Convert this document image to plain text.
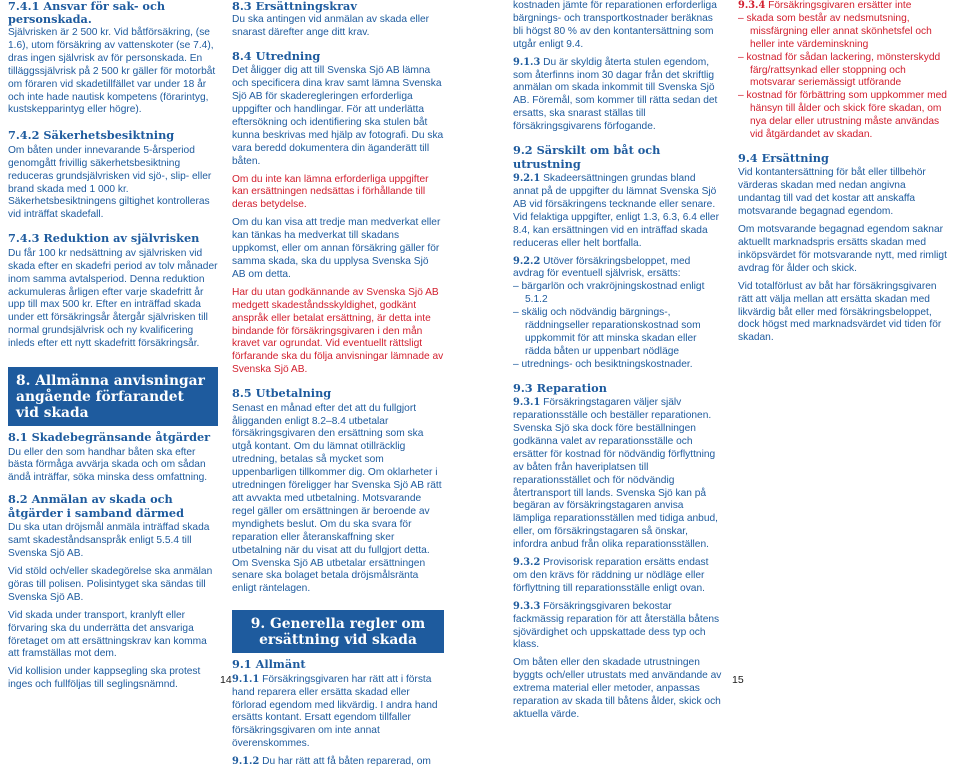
7.4.1 Ansvar för sak- och personskada.

Självrisken är 2 500 kr. Vid båtförsäkring, (se 1.6), utom försäkring av vattenskoter (se 7.4), dras ingen självrisk av för personskada. En tilläggssjälvrisk på 2 500 kr gäller för motorbåt om föraren vid skadetillfället var under 18 år och inte hade nautisk kompetens (förarintyg, kustskepparintyg eller högre).

7.4.2 Säkerhetsbesiktning

Om båten under innevarande 5-årsperiod genomgått frivillig säkerhetsbesiktning reduceras grundsjälvrisken vid sjö-, slip- eller brand skada med 1 000 kr. Säkerhetsbesiktningens giltighet kontrolleras vid inträffat skadefall.

7.4.3 Reduktion av självrisken

Du får 100 kr nedsättning av självrisken vid skada efter en skadefri period av tolv månader inom samma avtalsperiod. Denna reduktion ackumuleras årligen efter varje skadefritt år upp till max 500 kr. Efter en inträffad skada under ett försäkringsår återgår självrisken till normal grundsjälvrisk och ny kvalificering inleds efter ett nytt skadefritt försäkringsår.

8. Allmänna anvisningar angående förfarandet vid skada
8.1 Skadebegränsande åtgärder

Du eller den som handhar båten ska efter bästa förmåga avvärja skada och om sådan ändå inträffar, söka minska dess omfattning.

8.2 Anmälan av skada och åtgärder i samband därmed

Du ska utan dröjsmål anmäla inträffad skada samt skadeståndsanspråk enligt 5.5.4 till Svenska Sjö AB.

Vid stöld och/eller skadegörelse ska anmälan göras till polisen. Polisintyget ska sändas till Svenska Sjö AB.

Vid skada under transport, kranlyft eller förvaring ska du underrätta det ansvariga företaget om att ersättningskrav kan komma att framställas mot dem.

Vid kollision under kappsegling ska protest inges och fullföljas till seglingsnämnd.

8.3 Ersättningskrav

Du ska antingen vid anmälan av skada eller snarast därefter ange ditt krav.

8.4 Utredning

Det åligger dig att till Svenska Sjö AB lämna och specificera dina krav samt lämna Svenska Sjö AB för skaderegleringen erforderliga uppgifter och handlingar. För att underlätta eftersökning och identifiering ska stulen båt kunna beskrivas med hjälp av fotografi. Du ska vara beredd dokumentera din äganderätt till båten.

Om du inte kan lämna erforderliga uppgifter kan ersättningen nedsättas i förhållande till deras betydelse.

Om du kan visa att tredje man medverkat eller kan tänkas ha medverkat till skadans uppkomst, eller om annan försäkring gäller för samma skada, ska du upplysa Svenska Sjö AB om detta.

Har du utan godkännande av Svenska Sjö AB medgett skadeståndsskyldighet, godkänt anspråk eller betalat ersättning, är detta inte bindande för försäkringsgivaren i den mån kravet var ogrundat. Vid eventuellt rättsligt förfarande ska du följa anvisningar lämnade av Svenska Sjö AB.

8.5 Utbetalning

Senast en månad efter det att du fullgjort åligganden enligt 8.2–8.4 utbetalar försäkringsgivaren den ersättning som ska utgå kontant. Om du lämnat otillräcklig utredning, betalas så mycket som uppenbarligen tillkommer dig. Om oklarheter i utredningen föreligger har Svenska Sjö AB rätt att avvakta med utbetalning. Motsvarande regel gäller om ersättningen är beroende av myndighets beslut. Om du ska svara för reparation eller återanskaffning sker utbetalning när du visat att du fullgjort detta. Om Svenska Sjö AB utbetalar ersättningen senare ska bolaget betala dröjsmålsränta enligt räntelagen.

9. Generella regler om ersättning vid skada
9.1 Allmänt

9.1.1 Försäkringsgivaren har rätt att i första hand reparera eller ersätta skadad eller förlorad egendom med likvärdig. I andra hand ersätts kontant. Ersatt egendom tillfaller försäkringsgivaren om inte annat överenskommes.

9.1.2 Du har rätt att få båten reparerad, om

kostnaden jämte för reparationen erforderliga bärgnings- och transportkostnader beräknas bli högst 80 % av den kontantersättning som utgår enligt 9.4.

9.1.3 Du är skyldig återta stulen egendom, som återfinns inom 30 dagar från det skriftlig anmälan om skada inkommit till Svenska Sjö AB. Föremål, som kommer till rätta sedan det ersatts, ska snarast ställas till försäkringsgivarens förfogande.

9.2 Särskilt om båt och utrustning

9.2.1 Skadeersättningen grundas bland annat på de uppgifter du lämnat Svenska Sjö AB vid försäkringens tecknande eller senare. Vid felaktiga uppgifter, enligt 1.3, 6.3, 6.4 eller 8.4, kan ersättningen vid en inträffad skada reduceras eller helt bortfalla.

9.2.2 Utöver försäkringsbeloppet, med avdrag för eventuell självrisk, ersätts:

– bärgarlön och vrakröjningskostnad enligt 5.1.2

– skälig och nödvändig bärgnings-, räddningseller reparationskostnad som uppkommit för att minska skadan eller rädda båten ur uppenbart nödläge

– utrednings- och besiktningskostnader.

9.3 Reparation

9.3.1 Försäkringstagaren väljer själv reparationsställe och beställer reparationen. Svenska Sjö ska dock före beställningen godkänna valet av reparationsställe och ersätter för kostnad för nödvändig förflyttning av båten från haveriplatsen till reparationsstället och för nödvändig återtransport till lands. Svenska Sjö kan på begäran av försäkringstagaren anvisa lämpliga reparationsställen med tidiga anbud, eller, om försäkringstagaren så önskar, infordra anbud från olika reparationsställen.

9.3.2 Provisorisk reparation ersätts endast om den krävs för räddning ur nödläge eller förflyttning till reparationsställe enligt ovan.

9.3.3 Försäkringsgivaren bekostar fackmässig reparation för att återställa båtens sjövärdighet och uppskattade dess typ och klass.

Om båten eller den skadade utrustningen byggts och/eller utrustats med användande av extrema material eller metoder, anpassas reparation av skada till båtens ålder, skick och aktuella värde.

9.3.4 Försäkringsgivaren ersätter inte

– skada som består av nedsmutsning, missfärgning eller annat skönhetsfel och heller inte värdeminskning

– kostnad för sådan lackering, mönsterskydd färg/rattsynkad eller stoppning och motsvarar seriemässigt utförande

– kostnad för förbättring som uppkommer med hänsyn till ålder och skick före skadan, om nya delar eller utrustning måste användas vid åtgärdandet av skadan.

9.4 Ersättning

Vid kontantersättning för båt eller tillbehör värderas skadan med nedan angivna undantag till vad det kostar att anskaffa motsvarande begagnad egendom.

Om motsvarande begagnad egendom saknar aktuellt marknadspris ersätts skadan med inköpsvärdet för motsvarande nytt, med rimligt avdrag för ålder och skick.

Vid totalförlust av båt har försäkringsgivaren rätt att välja mellan att ersätta skadan med likvärdig båt eller med försäkringsbeloppet, dock högst med marknadsvärdet vid tiden för skadan.

14	15
